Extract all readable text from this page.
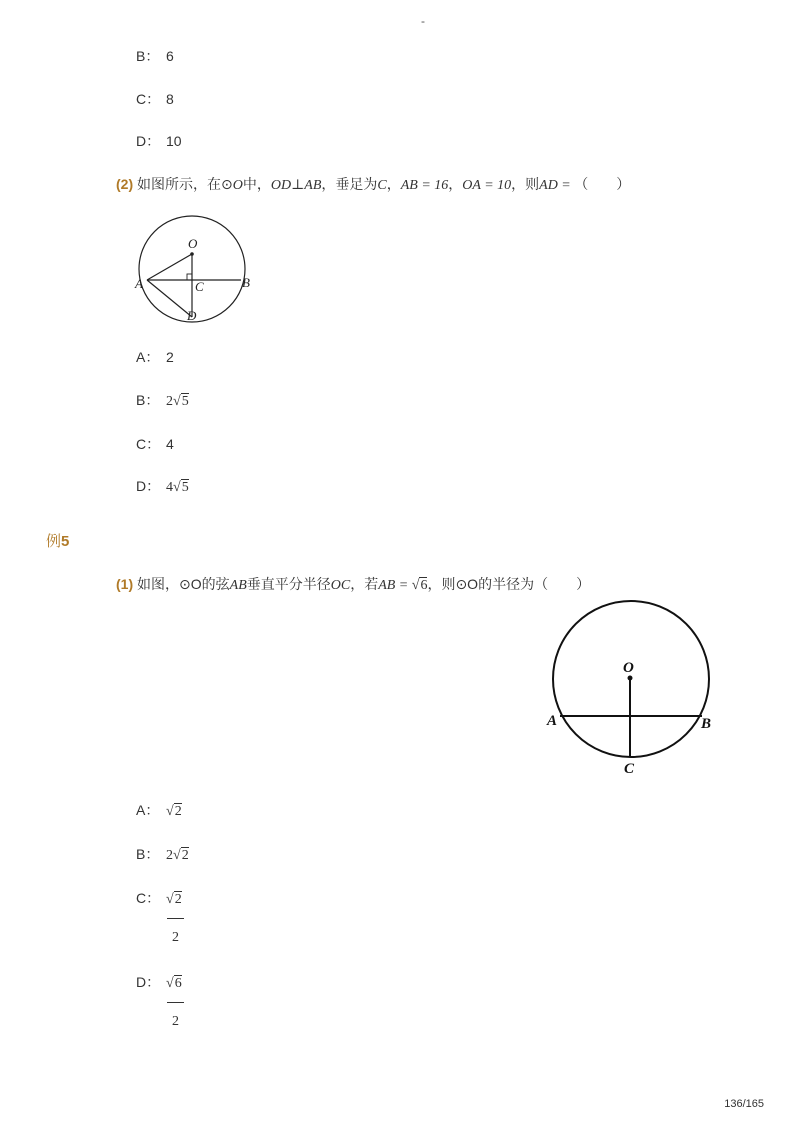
-
B： 6
C： 8
D： 10
(2) 如图所示，在⊙O中，OD⊥AB，垂足为C，AB = 16，OA = 10，则AD = （　　）
O
A	B
C
D
A： 2
B： 2√5
C： 4
D： 4√5
例5
(1) 如图，⊙O的弦AB垂直平分半径OC，若AB = √6，则⊙O的半径为（　　）
O
A	B
C
A： √2
B： 2√2
C： √2
2
D： √6
2
136/165
